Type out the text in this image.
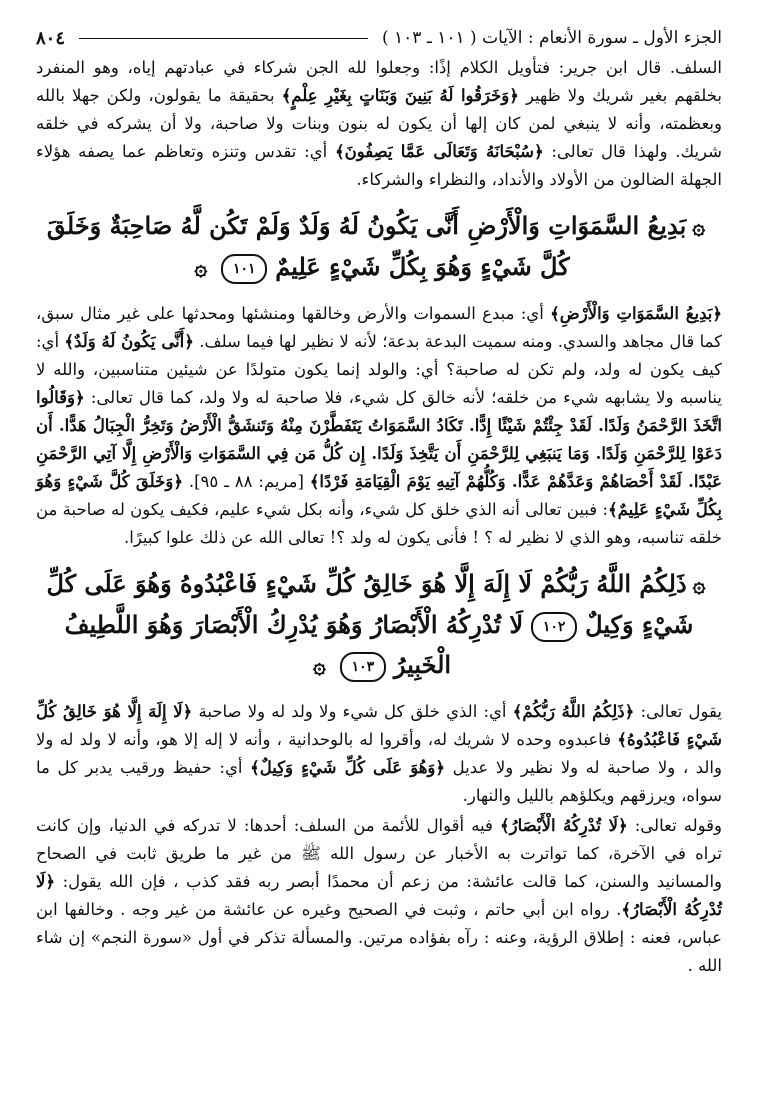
الجزء الأول ـ سورة الأنعام : الآيات ( ١٠١ ـ ١٠٣ )
٨٠٤

السلف. قال ابن جرير: فتأويل الكلام إذًا: وجعلوا لله الجن شركاء في عبادتهم إياه، وهو المنفرد بخلقهم بغير شريك ولا ظهير ﴿وَخَرَقُوا لَهُ بَنِينَ وَبَنَاتٍ بِغَيْرِ عِلْمٍ﴾ بحقيقة ما يقولون، ولكن جهلا بالله وبعظمته، وأنه لا ينبغي لمن كان إلها أن يكون له بنون وبنات ولا صاحبة، ولا أن يشركه في خلقه شريك. ولهذا قال تعالى: ﴿سُبْحَانَهُ وَتَعَالَى عَمَّا يَصِفُونَ﴾ أي: تقدس وتنزه وتعاظم عما يصفه هؤلاء الجهلة الضالون من الأولاد والأنداد، والنظراء والشركاء.

۞بَدِيعُ السَّمَوَاتِ وَالْأَرْضِ أَنَّى يَكُونُ لَهُ وَلَدٌ وَلَمْ تَكُن لَّهُ صَاحِبَةٌ وَخَلَقَ كُلَّ شَيْءٍ وَهُوَ بِكُلِّ شَيْءٍ عَلِيمٌ١٠١۞

﴿بَدِيعُ السَّمَوَاتِ وَالْأَرْضِ﴾ أي: مبدع السموات والأرض وخالقها ومنشئها ومحدثها على غير مثال سبق، كما قال مجاهد والسدي. ومنه سميت البدعة بدعة؛ لأنه لا نظير لها فيما سلف. ﴿أَنَّى يَكُونُ لَهُ وَلَدٌ﴾ أي: كيف يكون له ولد، ولم تكن له صاحبة؟ أي: والولد إنما يكون متولدًا عن شيئين متناسبين، والله لا يناسبه ولا يشابهه شيء من خلقه؛ لأنه خالق كل شيء، فلا صاحبة له ولا ولد، كما قال تعالى: ﴿وَقَالُوا اتَّخَذَ الرَّحْمَنُ وَلَدًا. لَقَدْ جِئْتُمْ شَيْئًا إِدًّا. تَكَادُ السَّمَوَاتُ يَتَفَطَّرْنَ مِنْهُ وَتَنشَقُّ الْأَرْضُ وَتَخِرُّ الْجِبَالُ هَدًّا. أَن دَعَوْا لِلرَّحْمَنِ وَلَدًا. وَمَا يَنبَغِي لِلرَّحْمَنِ أَن يَتَّخِذَ وَلَدًا. إِن كُلُّ مَن فِي السَّمَوَاتِ وَالْأَرْضِ إِلَّا آتِي الرَّحْمَنِ عَبْدًا. لَقَدْ أَحْصَاهُمْ وَعَدَّهُمْ عَدًّا. وَكُلُّهُمْ آتِيهِ يَوْمَ الْقِيَامَةِ فَرْدًا﴾ [مريم: ٨٨ ـ ٩٥]. ﴿وَخَلَقَ كُلَّ شَيْءٍ وَهُوَ بِكُلِّ شَيْءٍ عَلِيمٌ﴾: فبين تعالى أنه الذي خلق كل شيء، وأنه بكل شيء عليم، فكيف يكون له صاحبة من خلقه تناسبه، وهو الذي لا نظير له ؟ ! فأنى يكون له ولد ؟! تعالى الله عن ذلك علوا كبيرًا.

۞ذَلِكُمُ اللَّهُ رَبُّكُمْ لَا إِلَهَ إِلَّا هُوَ خَالِقُ كُلِّ شَيْءٍ فَاعْبُدُوهُ وَهُوَ عَلَى كُلِّ شَيْءٍ وَكِيلٌ١٠٢لَا تُدْرِكُهُ الْأَبْصَارُ وَهُوَ يُدْرِكُ الْأَبْصَارَ وَهُوَ اللَّطِيفُ الْخَبِيرُ١٠٣۞

يقول تعالى: ﴿ذَلِكُمُ اللَّهُ رَبُّكُمْ﴾ أي: الذي خلق كل شيء ولا ولد له ولا صاحبة ﴿لَا إِلَهَ إِلَّا هُوَ خَالِقُ كُلِّ شَيْءٍ فَاعْبُدُوهُ﴾ فاعبدوه وحده لا شريك له، وأقروا له بالوحدانية ، وأنه لا إله إلا هو، وأنه لا ولد له ولا والد ، ولا صاحبة له ولا نظير ولا عديل ﴿وَهُوَ عَلَى كُلِّ شَيْءٍ وَكِيلٌ﴾ أي: حفيظ ورقيب يدبر كل ما سواه، ويرزقهم ويكلؤهم بالليل والنهار.

وقوله تعالى: ﴿لَا تُدْرِكُهُ الْأَبْصَارُ﴾ فيه أقوال للأئمة من السلف: أحدها: لا تدركه في الدنيا، وإن كانت تراه في الآخرة، كما تواترت به الأخبار عن رسول الله ﷺ من غير ما طريق ثابت في الصحاح والمسانيد والسنن، كما قالت عائشة: من زعم أن محمدًا أبصر ربه فقد كذب ، فإن الله يقول: ﴿لَا تُدْرِكُهُ الْأَبْصَارُ﴾. رواه ابن أبي حاتم ، وثبت في الصحيح وغيره عن عائشة من غير وجه . وخالفها ابن عباس، فعنه : إطلاق الرؤية، وعنه : رآه بفؤاده مرتين. والمسألة تذكر في أول «سورة النجم» إن شاء الله .
